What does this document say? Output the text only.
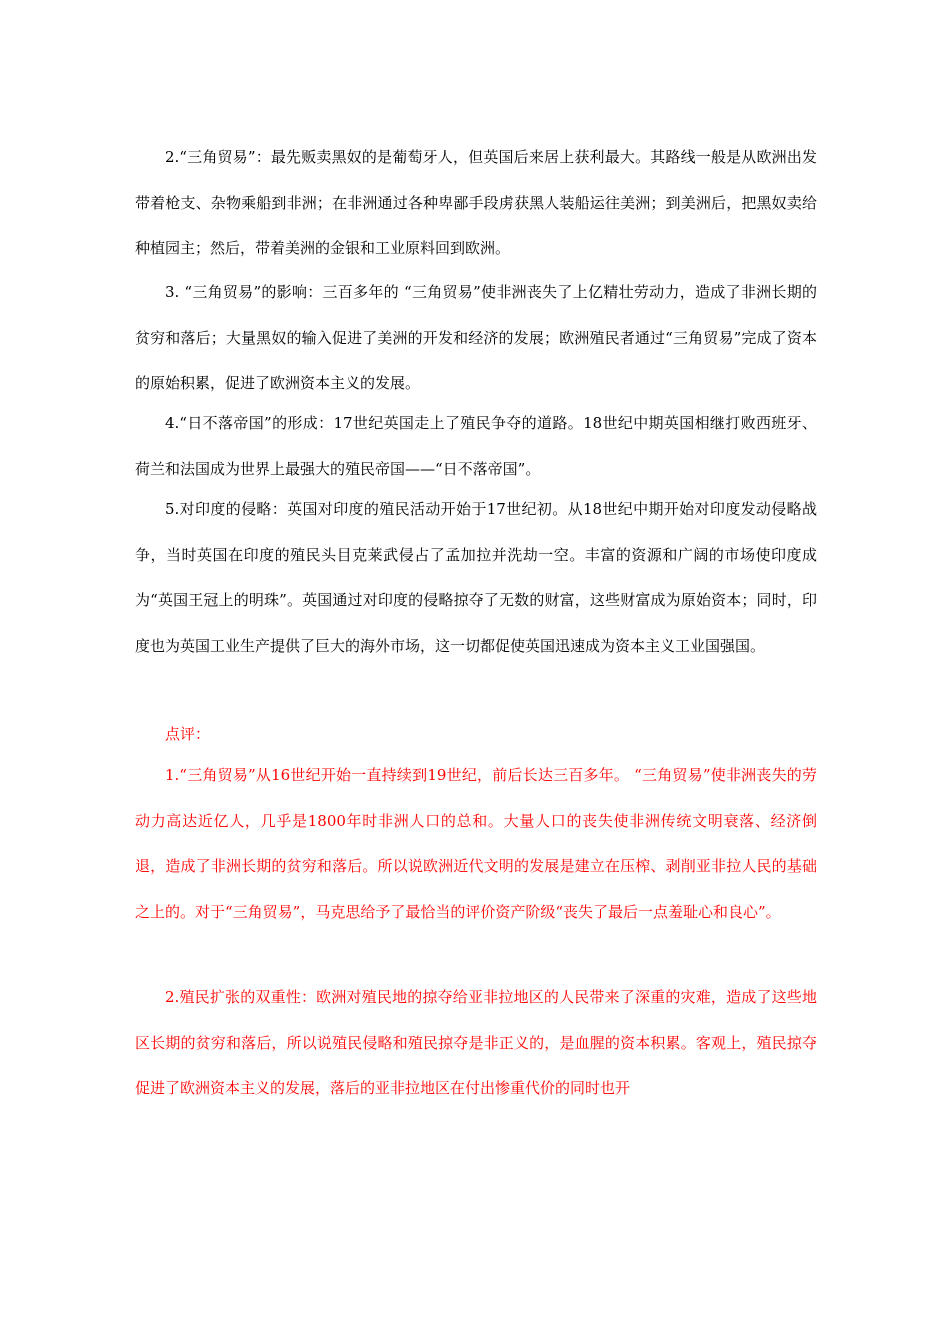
2.“三角贸易”：最先贩卖黑奴的是葡萄牙人，但英国后来居上获利最大。其路线一般是从欧洲出发带着枪支、杂物乘船到非洲；在非洲通过各种卑鄙手段虏获黑人装船运往美洲；到美洲后，把黑奴卖给种植园主；然后，带着美洲的金银和工业原料回到欧洲。

3. “三角贸易”的影响：三百多年的 “三角贸易”使非洲丧失了上亿精壮劳动力，造成了非洲长期的贫穷和落后；大量黑奴的输入促进了美洲的开发和经济的发展；欧洲殖民者通过“三角贸易”完成了资本的原始积累，促进了欧洲资本主义的发展。

4.“日不落帝国”的形成：17世纪英国走上了殖民争夺的道路。18世纪中期英国相继打败西班牙、荷兰和法国成为世界上最强大的殖民帝国——“日不落帝国”。

5.对印度的侵略：英国对印度的殖民活动开始于17世纪初。从18世纪中期开始对印度发动侵略战争，当时英国在印度的殖民头目克莱武侵占了孟加拉并洗劫一空。丰富的资源和广阔的市场使印度成为“英国王冠上的明珠”。英国通过对印度的侵略掠夺了无数的财富，这些财富成为原始资本；同时，印度也为英国工业生产提供了巨大的海外市场，这一切都促使英国迅速成为资本主义工业国强国。

点评：

1.“三角贸易”从16世纪开始一直持续到19世纪，前后长达三百多年。 “三角贸易”使非洲丧失的劳动力高达近亿人，几乎是1800年时非洲人口的总和。大量人口的丧失使非洲传统文明衰落、经济倒退，造成了非洲长期的贫穷和落后。所以说欧洲近代文明的发展是建立在压榨、剥削亚非拉人民的基础之上的。对于“三角贸易”，马克思给予了最恰当的评价资产阶级“丧失了最后一点羞耻心和良心”。

2.殖民扩张的双重性：欧洲对殖民地的掠夺给亚非拉地区的人民带来了深重的灾难，造成了这些地区长期的贫穷和落后，所以说殖民侵略和殖民掠夺是非正义的，是血腥的资本积累。客观上，殖民掠夺促进了欧洲资本主义的发展，落后的亚非拉地区在付出惨重代价的同时也开
